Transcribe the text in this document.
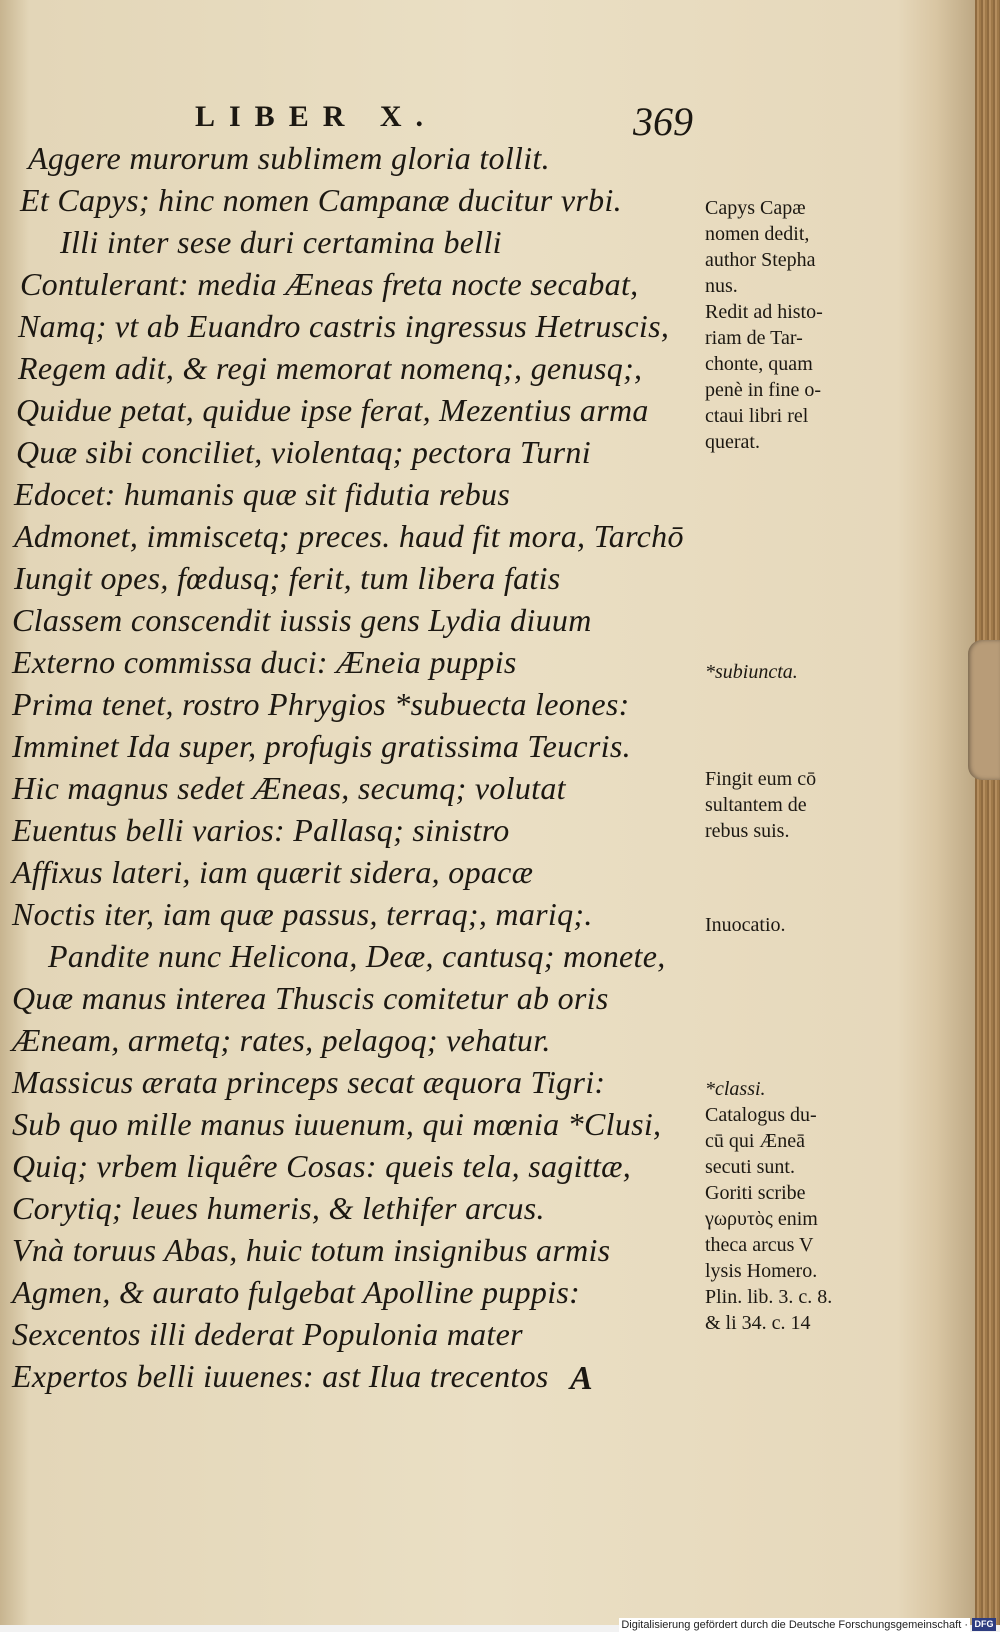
LIBER X.	369
Aggere murorum sublimem gloria tollit.
Et Capys; hinc nomen Campanæ ducitur vrbi.
Illi inter sese duri certamina belli
Contulerant: media Æneas freta nocte secabat,
Namq; vt ab Euandro castris ingressus Hetruscis,
Regem adit, & regi memorat nomenq;, genusq;,
Quidue petat, quidue ipse ferat, Mezentius arma
Quæ sibi conciliet, violentaq; pectora Turni
Edocet: humanis quæ sit fidutia rebus
Admonet, immiscetq; preces. haud fit mora, Tarchō
Iungit opes, fœdusq; ferit, tum libera fatis
Classem conscendit iussis gens Lydia diuum
Externo commissa duci: Æneia puppis
Prima tenet, rostro Phrygios *subuecta leones:
Imminet Ida super, profugis gratissima Teucris.
Hic magnus sedet Æneas, secumq; volutat
Euentus belli varios: Pallasq; sinistro
Affixus lateri, iam quærit sidera, opacæ
Noctis iter, iam quæ passus, terraq;, mariq;.
Pandite nunc Helicona, Deæ, cantusq; monete,
Quæ manus interea Thuscis comitetur ab oris
Æneam, armetq; rates, pelagoq; vehatur.
Massicus ærata princeps secat æquora Tigri:
Sub quo mille manus iuuenum, qui mœnia *Clusi,
Quiq; vrbem liquêre Cosas: queis tela, sagittæ,
Corytiq; leues humeris, & lethifer arcus.
Vnà toruus Abas, huic totum insignibus armis
Agmen, & aurato fulgebat Apolline puppis:
Sexcentos illi dederat Populonia mater
Expertos belli iuuenes: ast Ilua trecentos
Capys Capæ
nomen dedit,
author Stepha
nus.
Redit ad histo-
riam de Tar-
chonte, quam
penè in fine o-
ctaui libri rel
querat.
*subiuncta.
Fingit eum cō
sultantem de
rebus suis.
Inuocatio.
*classi.
Catalogus du-
cū qui Æneā
secuti sunt.
Goriti scribe
γωρυτὸς enim
theca arcus V
lysis Homero.
Plin. lib. 3. c. 8.
& li 34. c. 14
A
Digitalisierung gefördert durch die Deutsche Forschungsgemeinschaft · DFG
